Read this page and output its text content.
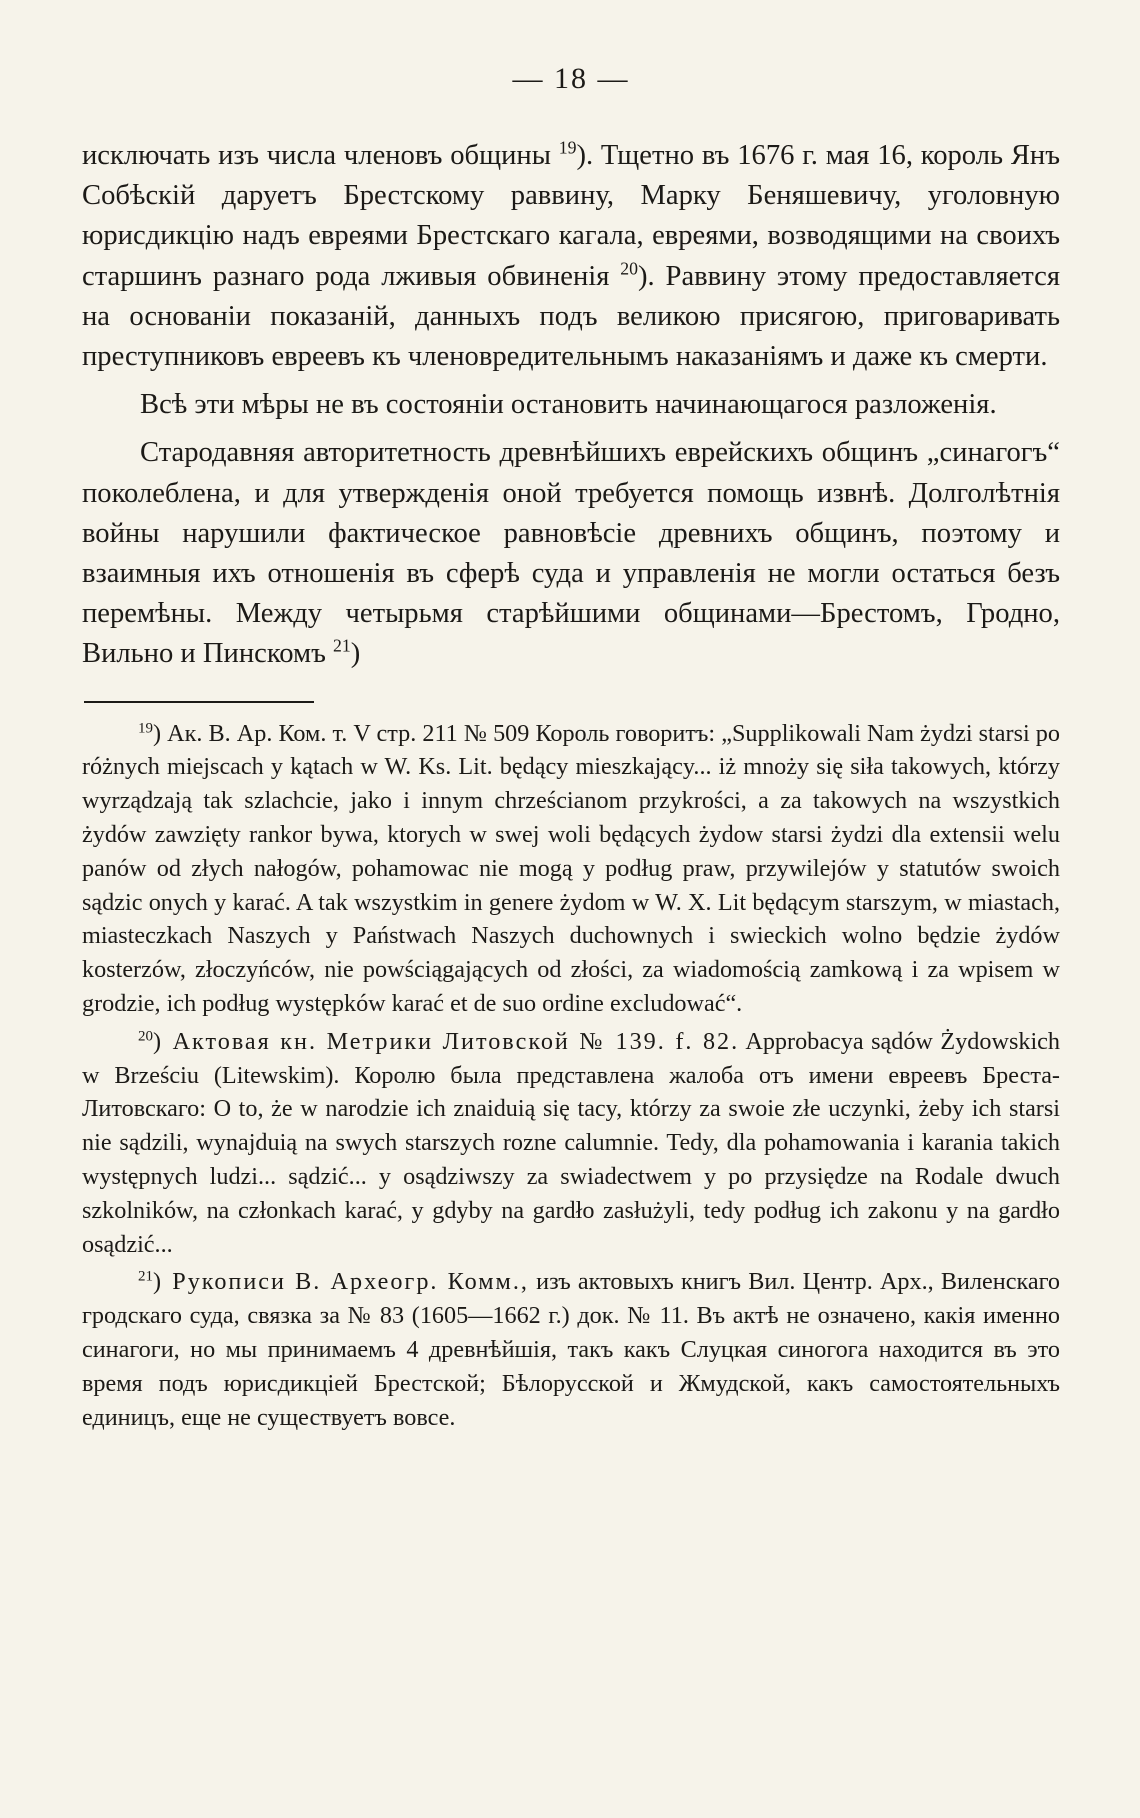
— 18 —

исключать изъ числа членовъ общины $^{19}$). Тщетно въ 1676 г. мая 16, король Янъ Собѣскій даруетъ Брестскому раввину, Марку Беняшевичу, уголовную юрисдикцію надъ евреями Брестскаго кагала, евреями, возводящими на своихъ старшинъ разнаго рода лживыя обвиненія $^{20}$). Раввину этому предоставляется на основаніи показаній, данныхъ подъ великою присягою, приговаривать преступниковъ евреевъ къ членовредительнымъ наказаніямъ и даже къ смерти.

Всѣ эти мѣры не въ состояніи остановить начинающагося разложенія.

Стародавняя авторитетность древнѣйшихъ еврейскихъ общинъ „синагогъ“ поколеблена, и для утвержденія оной требуется помощь извнѣ. Долголѣтнія войны нарушили фактическое равновѣсіе древнихъ общинъ, поэтому и взаимныя ихъ отношенія въ сферѣ суда и управленія не могли остаться безъ перемѣны. Между четырьмя старѣйшими общинами—Брестомъ, Гродно, Вильно и Пинскомъ $^{21}$)

$^{19}$) Ак. В. Ар. Ком. т. V стр. 211 № 509 Король говоритъ: „Supplikowali Nam żydzi starsi po różnych miejscach y kątach w W. Ks. Lit. będący mieszkający... iż mnoży się siła takowych, którzy wyrządzają tak szlachcie, jako i innym chrześcianom przykrości, a za takowych na wszystkich żydów zawzięty rankor bywa, ktorych w swej woli będących żydow starsi żydzi dla extensii welu panów od złych nałogów, pohamowac nie mogą y podług praw, przywilejów y statutów swoich sądzic onych y karać. A tak wszystkim in genere żydom w W. X. Lit będącym starszym, w miastach, miasteczkach Naszych y Państwach Naszych duchownych i swieckich wolno będzie żydów kosterzów, złoczyńców, nie powściągających od złości, za wiadomością zamkową i za wpisem w grodzie, ich podług występków karać et de suo ordine excludować“.

$^{20}$) Актовая кн. Метрики Литовской № 139. f. 82. Approbacya sądów Żydowskich w Brześciu (Litewskim). Королю была представлена жалоба отъ имени евреевъ Бреста-Литовскаго: O to, że w narodzie ich znaiduią się tacy, którzy za swoie złe uczynki, żeby ich starsi nie sądzili, wynajduią na swych starszych rozne calumnie. Tedy, dla pohamowania i karania takich występnych ludzi... sądzić... y osądziwszy za swiadectwem y po przysiędze na Rodale dwuch szkolników, na członkach karać, y gdyby na gardło zasłużyli, tedy podług ich zakonu y na gardło osądzić...

$^{21}$) Рукописи В. Археогр. Комм., изъ актовыхъ книгъ Вил. Центр. Арх., Виленскаго гродскаго суда, связка за № 83 (1605—1662 г.) док. № 11. Въ актѣ не означено, какія именно синагоги, но мы принимаемъ 4 древнѣйшія, такъ какъ Слуцкая синогога находится въ это время подъ юрисдикціей Брестской; Бѣлорусской и Жмудской, какъ самостоятельныхъ единицъ, еще не существуетъ вовсе.
